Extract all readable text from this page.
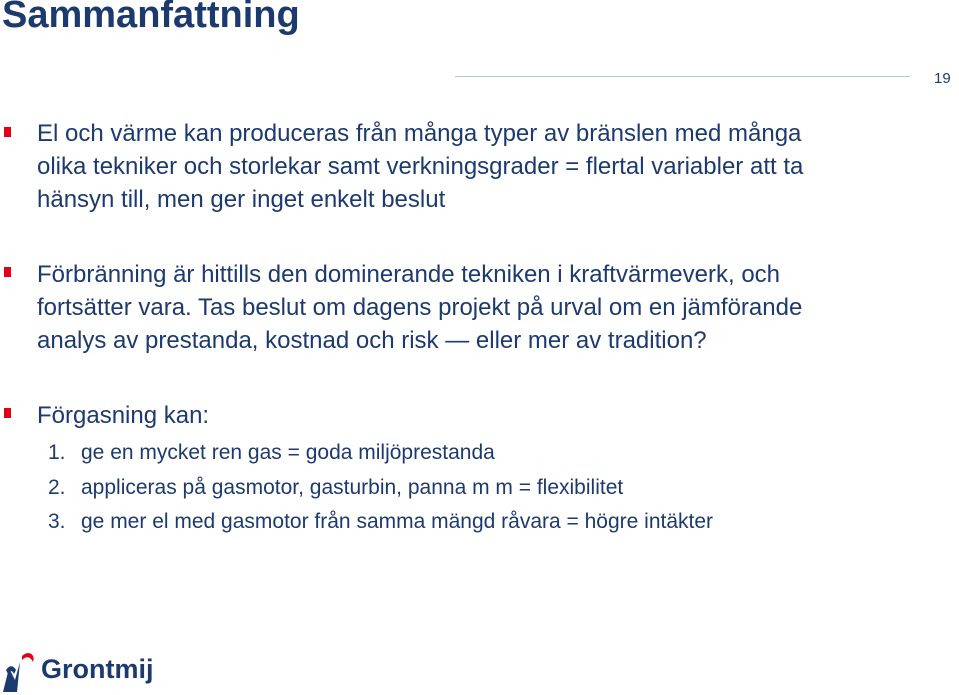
Sammanfattning
19
El och värme kan produceras från många typer av bränslen med många
olika tekniker och storlekar samt verkningsgrader = flertal variabler att ta
hänsyn till, men ger inget enkelt beslut
Förbränning är hittills den dominerande tekniken i kraftvärmeverk, och
fortsätter vara. Tas beslut om dagens projekt på urval om en jämförande
analys av prestanda, kostnad och risk — eller mer av tradition?
Förgasning kan:
1. ge en mycket ren gas = goda miljöprestanda
2. appliceras på gasmotor, gasturbin, panna m m = flexibilitet
3. ge mer el med gasmotor från samma mängd råvara = högre intäkter
Grontmij
